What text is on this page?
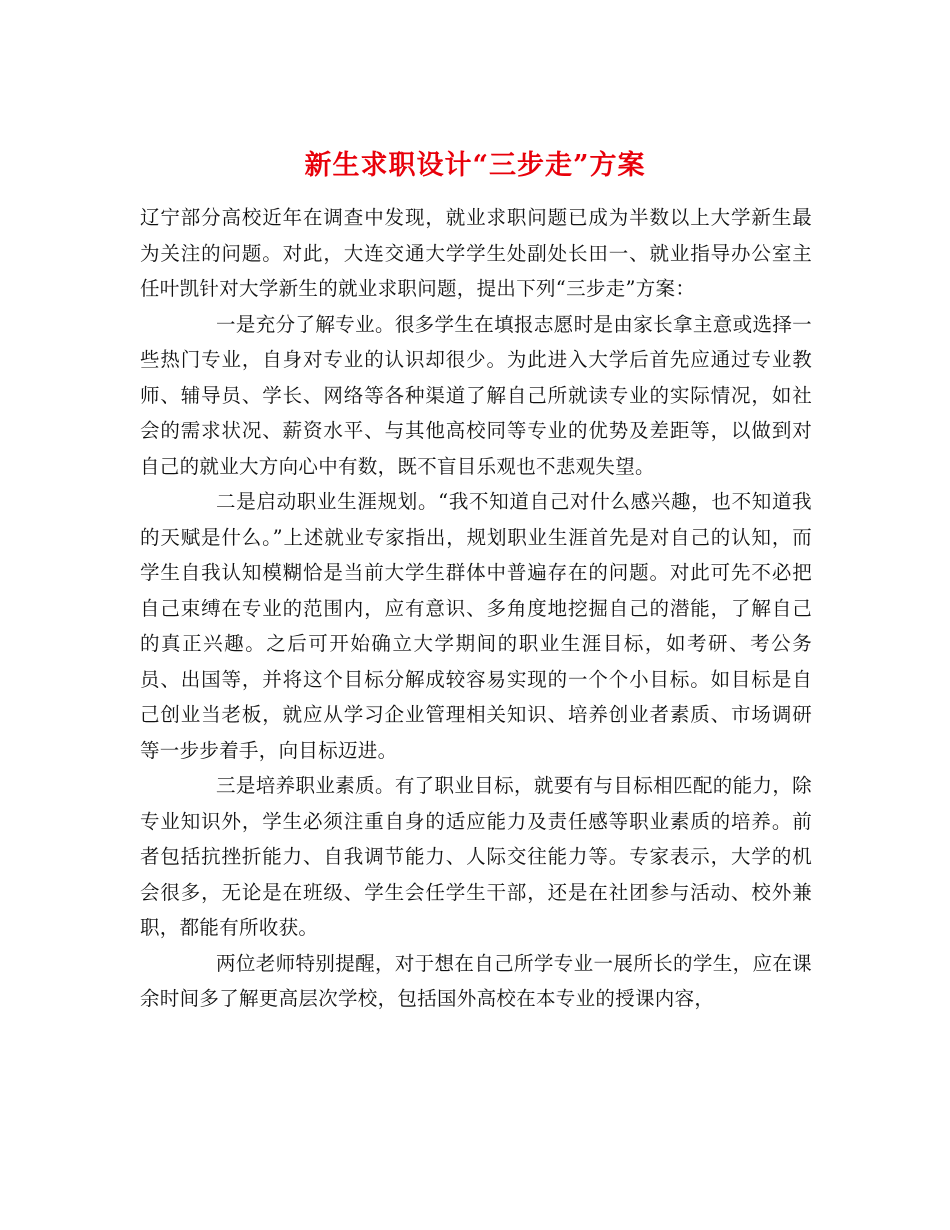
新生求职设计“三步走”方案

辽宁部分高校近年在调查中发现，就业求职问题已成为半数以上大学新生最为关注的问题。对此，大连交通大学学生处副处长田一、就业指导办公室主任叶凯针对大学新生的就业求职问题，提出下列“三步走”方案：

一是充分了解专业。很多学生在填报志愿时是由家长拿主意或选择一些热门专业，自身对专业的认识却很少。为此进入大学后首先应通过专业教师、辅导员、学长、网络等各种渠道了解自己所就读专业的实际情况，如社会的需求状况、薪资水平、与其他高校同等专业的优势及差距等，以做到对自己的就业大方向心中有数，既不盲目乐观也不悲观失望。

二是启动职业生涯规划。“我不知道自己对什么感兴趣，也不知道我的天赋是什么。”上述就业专家指出，规划职业生涯首先是对自己的认知，而学生自我认知模糊恰是当前大学生群体中普遍存在的问题。对此可先不必把自己束缚在专业的范围内，应有意识、多角度地挖掘自己的潜能，了解自己的真正兴趣。之后可开始确立大学期间的职业生涯目标，如考研、考公务员、出国等，并将这个目标分解成较容易实现的一个个小目标。如目标是自己创业当老板，就应从学习企业管理相关知识、培养创业者素质、市场调研等一步步着手，向目标迈进。

三是培养职业素质。有了职业目标，就要有与目标相匹配的能力，除专业知识外，学生必须注重自身的适应能力及责任感等职业素质的培养。前者包括抗挫折能力、自我调节能力、人际交往能力等。专家表示，大学的机会很多，无论是在班级、学生会任学生干部，还是在社团参与活动、校外兼职，都能有所收获。

两位老师特别提醒，对于想在自己所学专业一展所长的学生，应在课余时间多了解更高层次学校，包括国外高校在本专业的授课内容，
